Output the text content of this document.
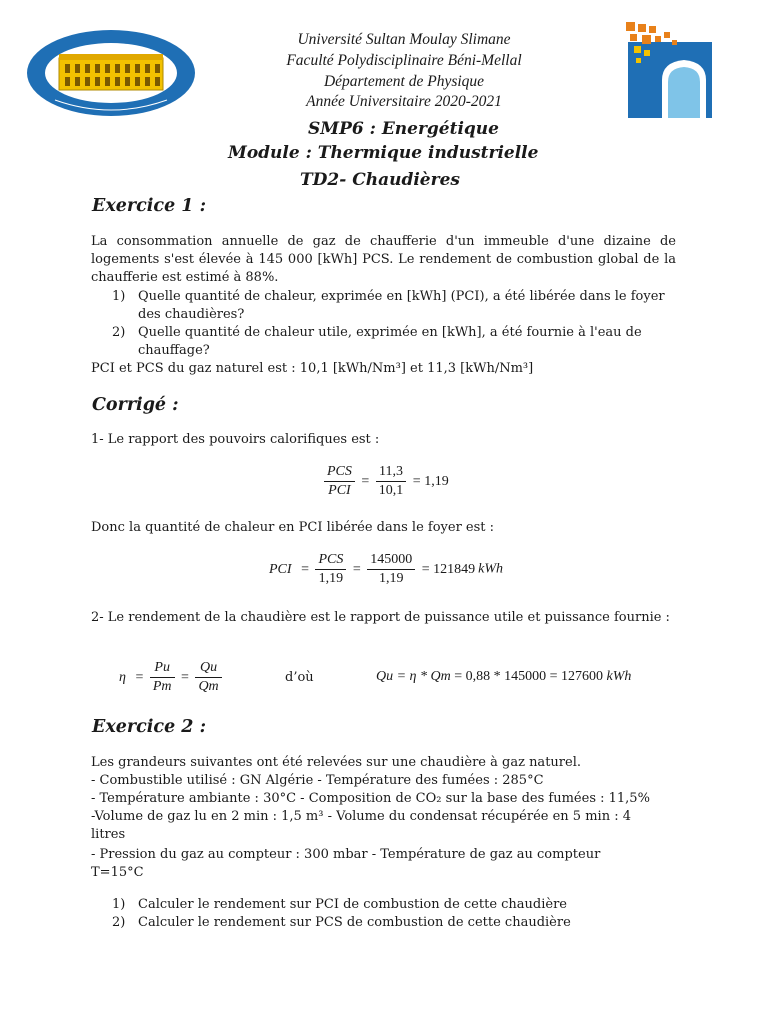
Université Sultan Moulay Slimane
Faculté Polydisciplinaire Béni-Mellal
Département de Physique
Année Universitaire 2020-2021
SMP6 : Energétique
Module : Thermique industrielle
TD2- Chaudières
Exercice 1 :
La consommation annuelle de gaz de chaufferie d'un immeuble d'une dizaine de logements s'est élevée à 145 000 [kWh] PCS. Le rendement de combustion global de la chaufferie est estimé à 88%.
1) Quelle quantité de chaleur, exprimée en [kWh] (PCI), a été libérée dans le foyer des chaudières?
2) Quelle quantité de chaleur utile, exprimée en [kWh], a été fournie à l'eau de chauffage?
PCI et PCS du gaz naturel est : 10,1 [kWh/Nm³] et 11,3 [kWh/Nm³]
Corrigé :
1- Le rapport des pouvoirs calorifiques est :
$\frac{\text{PCS}}{\text{PCI}} = \frac{11,3}{10,1} = 1,19$
Donc la quantité de chaleur en PCI libérée dans le foyer est :
PCI = $\frac{\text{PCS}}{1,19} = \frac{145000}{1,19} = 121849$ kWh
2- Le rendement de la chaudière est le rapport de puissance utile et puissance fournie :
$\eta = \frac{Pu}{Pm} = \frac{Qu}{Qm}$	d’où	Qu = η * Qm = 0,88 * 145000 = 127600 kWh
Exercice 2 :
Les grandeurs suivantes ont été relevées sur une chaudière à gaz naturel.
- Combustible utilisé : GN Algérie - Température des fumées : 285°C
- Température ambiante : 30°C - Composition de CO₂ sur la base des fumées : 11,5%
-Volume de gaz lu en 2 min : 1,5 m³ - Volume du condensat récupérée en 5 min : 4
litres
- Pression du gaz au compteur : 300 mbar - Température de gaz au compteur
T=15°C
1) Calculer le rendement sur PCI de combustion de cette chaudière
2) Calculer le rendement sur PCS de combustion de cette chaudière
